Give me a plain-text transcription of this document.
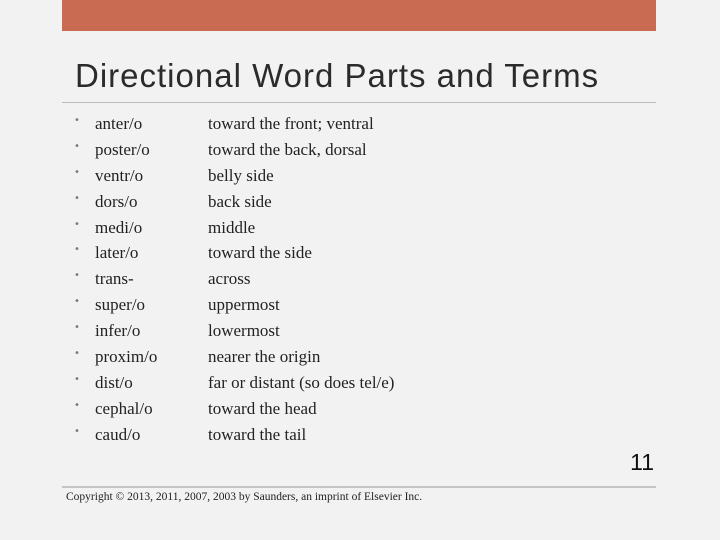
Directional Word Parts and Terms
• anter/o	toward the front; ventral
• poster/o	toward the back, dorsal
• ventr/o	belly side
• dors/o	back side
• medi/o	middle
• later/o	toward the side
• trans-	across
• super/o	uppermost
• infer/o	lowermost
• proxim/o	nearer the origin
• dist/o	far or distant (so does tel/e)
• cephal/o	toward the head
• caud/o	toward the tail
11
Copyright © 2013, 2011, 2007, 2003 by Saunders, an imprint of Elsevier Inc.
